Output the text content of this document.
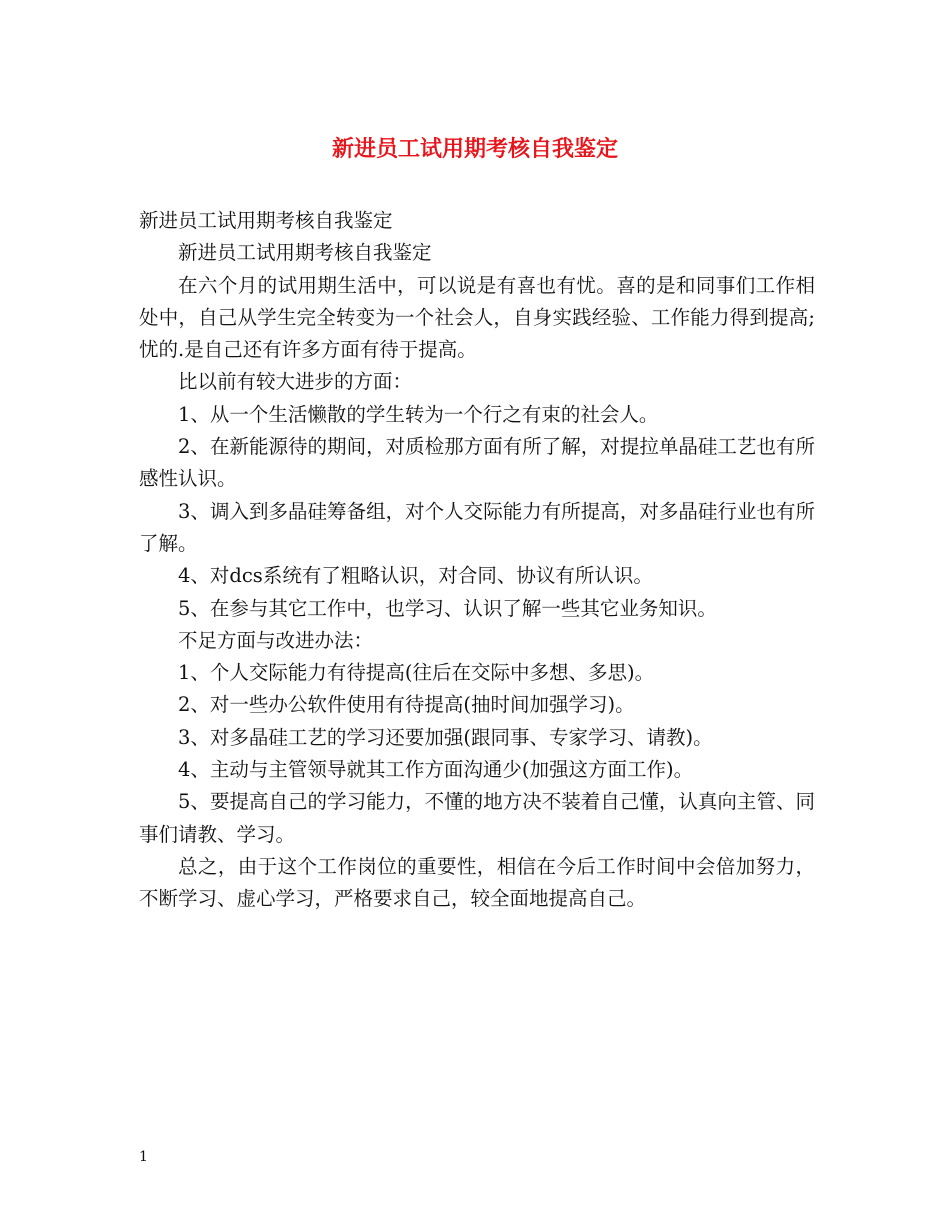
新进员工试用期考核自我鉴定

新进员工试用期考核自我鉴定

新进员工试用期考核自我鉴定

在六个月的试用期生活中，可以说是有喜也有忧。喜的是和同事们工作相处中，自己从学生完全转变为一个社会人，自身实践经验、工作能力得到提高;忧的.是自己还有许多方面有待于提高。

比以前有较大进步的方面：

1、从一个生活懒散的学生转为一个行之有束的社会人。

2、在新能源待的期间，对质检那方面有所了解，对提拉单晶硅工艺也有所感性认识。

3、调入到多晶硅筹备组，对个人交际能力有所提高，对多晶硅行业也有所了解。

4、对dcs系统有了粗略认识，对合同、协议有所认识。

5、在参与其它工作中，也学习、认识了解一些其它业务知识。

不足方面与改进办法：

1、个人交际能力有待提高(往后在交际中多想、多思)。

2、对一些办公软件使用有待提高(抽时间加强学习)。

3、对多晶硅工艺的学习还要加强(跟同事、专家学习、请教)。

4、主动与主管领导就其工作方面沟通少(加强这方面工作)。

5、要提高自己的学习能力，不懂的地方决不装着自己懂，认真向主管、同事们请教、学习。

总之，由于这个工作岗位的重要性，相信在今后工作时间中会倍加努力，不断学习、虚心学习，严格要求自己，较全面地提高自己。

1
